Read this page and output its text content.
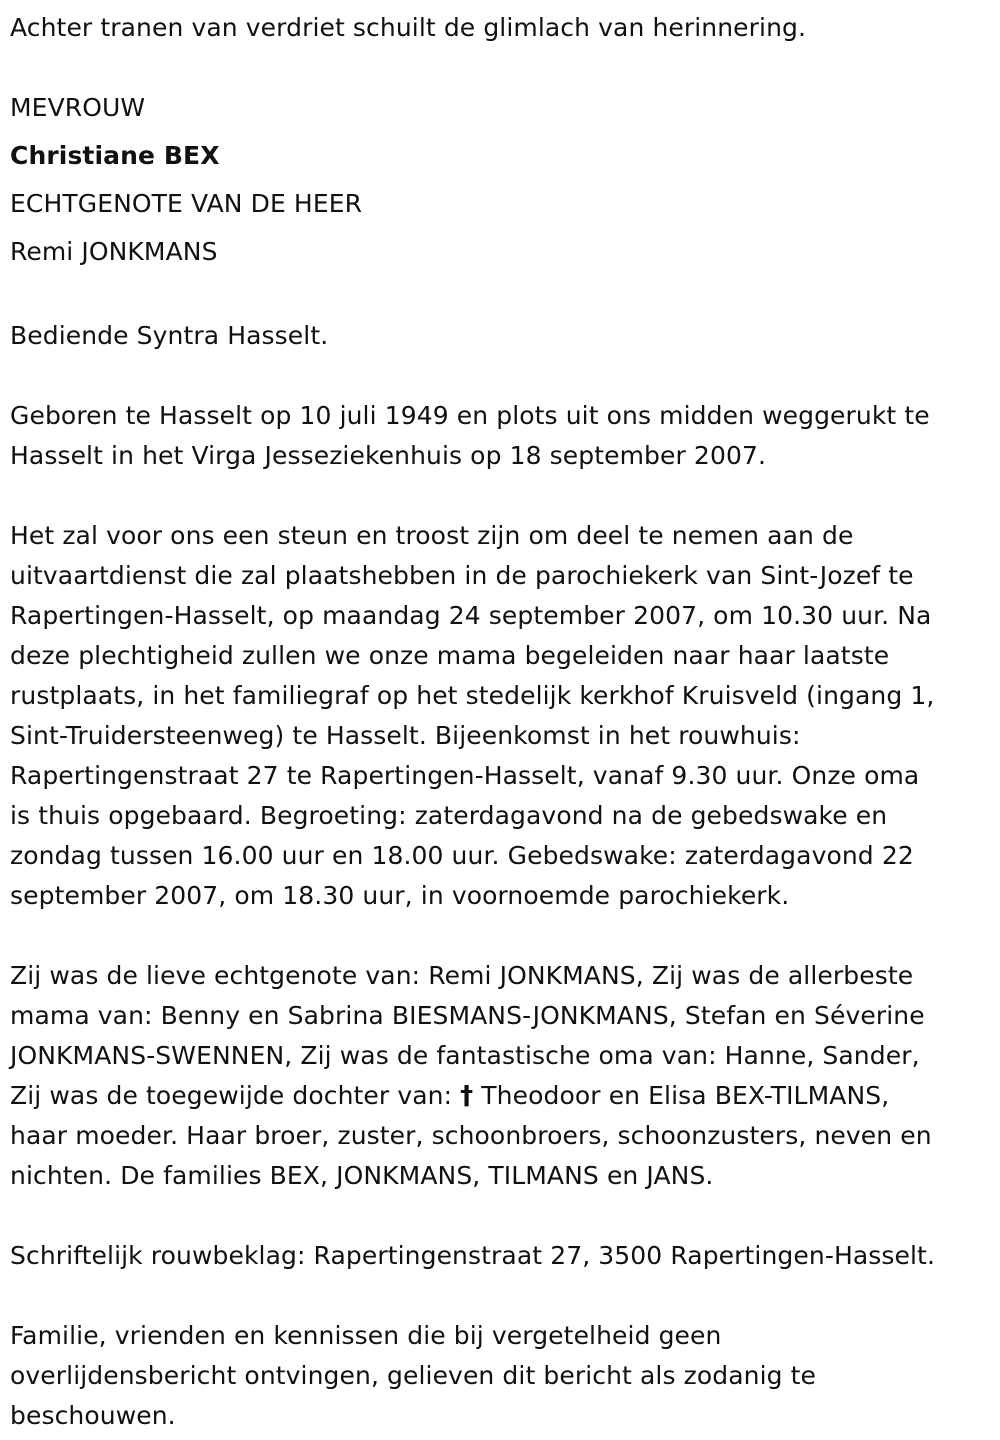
Achter tranen van verdriet schuilt de glimlach van herinnering.
MEVROUW
Christiane BEX
ECHTGENOTE VAN DE HEER
Remi JONKMANS

Bediende Syntra Hasselt.

Geboren te Hasselt op 10 juli 1949 en plots uit ons midden weggerukt te

Hasselt in het Virga Jesseziekenhuis op 18 september 2007.

Het zal voor ons een steun en troost zijn om deel te nemen aan de

uitvaartdienst die zal plaatshebben in de parochiekerk van Sint-Jozef te

Rapertingen-Hasselt, op maandag 24 september 2007, om 10.30 uur. Na

deze plechtigheid zullen we onze mama begeleiden naar haar laatste

rustplaats, in het familiegraf op het stedelijk kerkhof Kruisveld (ingang 1,

Sint-Truidersteenweg) te Hasselt. Bijeenkomst in het rouwhuis:

Rapertingenstraat 27 te Rapertingen-Hasselt, vanaf 9.30 uur. Onze oma

is thuis opgebaard. Begroeting: zaterdagavond na de gebedswake en

zondag tussen 16.00 uur en 18.00 uur. Gebedswake: zaterdagavond 22

september 2007, om 18.30 uur, in voornoemde parochiekerk.

Zij was de lieve echtgenote van: Remi JONKMANS, Zij was de allerbeste

mama van: Benny en Sabrina BIESMANS-JONKMANS, Stefan en Séverine

JONKMANS-SWENNEN, Zij was de fantastische oma van: Hanne, Sander,

Zij was de toegewijde dochter van: † Theodoor en Elisa BEX-TILMANS,

haar moeder. Haar broer, zuster, schoonbroers, schoonzusters, neven en

nichten. De families BEX, JONKMANS, TILMANS en JANS.

Schriftelijk rouwbeklag: Rapertingenstraat 27, 3500 Rapertingen-Hasselt.

Familie, vrienden en kennissen die bij vergetelheid geen

overlijdensbericht ontvingen, gelieven dit bericht als zodanig te

beschouwen.
